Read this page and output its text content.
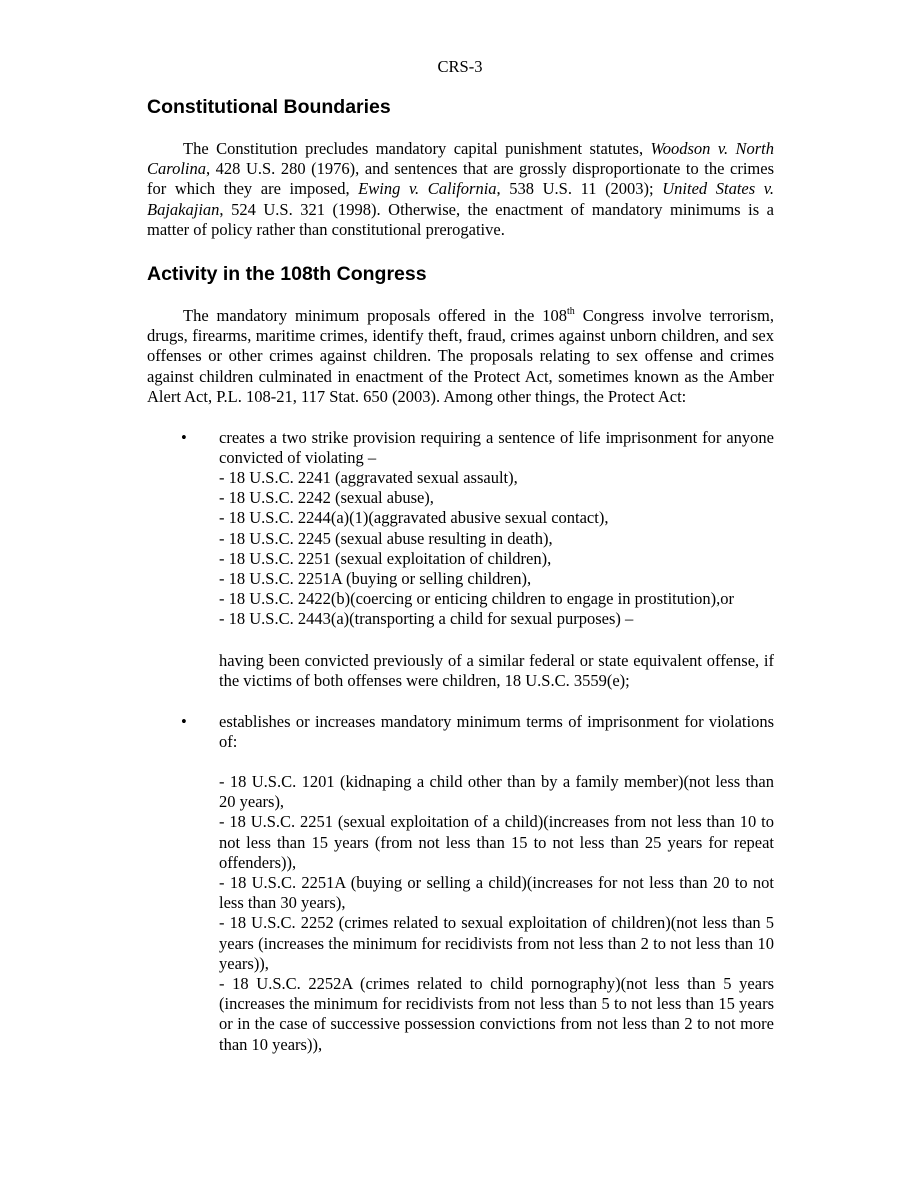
CRS-3
Constitutional Boundaries

The Constitution precludes mandatory capital punishment statutes, Woodson v. North Carolina, 428 U.S. 280 (1976), and sentences that are grossly disproportionate to the crimes for which they are imposed, Ewing v. California, 538 U.S. 11 (2003); United States v. Bajakajian, 524 U.S. 321 (1998). Otherwise, the enactment of mandatory minimums is a matter of policy rather than constitutional prerogative.

Activity in the 108th Congress

The mandatory minimum proposals offered in the 108th Congress involve terrorism, drugs, firearms, maritime crimes, identify theft, fraud, crimes against unborn children, and sex offenses or other crimes against children. The proposals relating to sex offense and crimes against children culminated in enactment of the Protect Act, sometimes known as the Amber Alert Act, P.L. 108-21, 117 Stat. 650 (2003). Among other things, the Protect Act:

•	creates a two strike provision requiring a sentence of life imprisonment for anyone convicted of violating –

- 18 U.S.C. 2241 (aggravated sexual assault),
- 18 U.S.C. 2242 (sexual abuse),
- 18 U.S.C. 2244(a)(1)(aggravated abusive sexual contact),
- 18 U.S.C. 2245 (sexual abuse resulting in death),
- 18 U.S.C. 2251 (sexual exploitation of children),
- 18 U.S.C. 2251A (buying or selling children),
- 18 U.S.C. 2422(b)(coercing or enticing children to engage in prostitution),or
- 18 U.S.C. 2443(a)(transporting a child for sexual purposes) –

having been convicted previously of a similar federal or state equivalent offense, if the victims of both offenses were children, 18 U.S.C. 3559(e);

•	establishes or increases mandatory minimum terms of imprisonment for violations of:

- 18 U.S.C. 1201 (kidnaping a child other than by a family member)(not less than 20 years),
- 18 U.S.C. 2251 (sexual exploitation of a child)(increases from not less than 10 to not less than 15 years (from not less than 15 to not less than 25 years for repeat offenders)),
- 18 U.S.C. 2251A (buying or selling a child)(increases for not less than 20 to not less than 30 years),
- 18 U.S.C. 2252 (crimes related to sexual exploitation of children)(not less than 5 years (increases the minimum for recidivists from not less than 2 to not less than 10 years)),
- 18 U.S.C. 2252A (crimes related to child pornography)(not less than 5 years (increases the minimum for recidivists from not less than 5 to not less than 15 years or in the case of successive possession convictions from not less than 2 to not more than 10 years)),
